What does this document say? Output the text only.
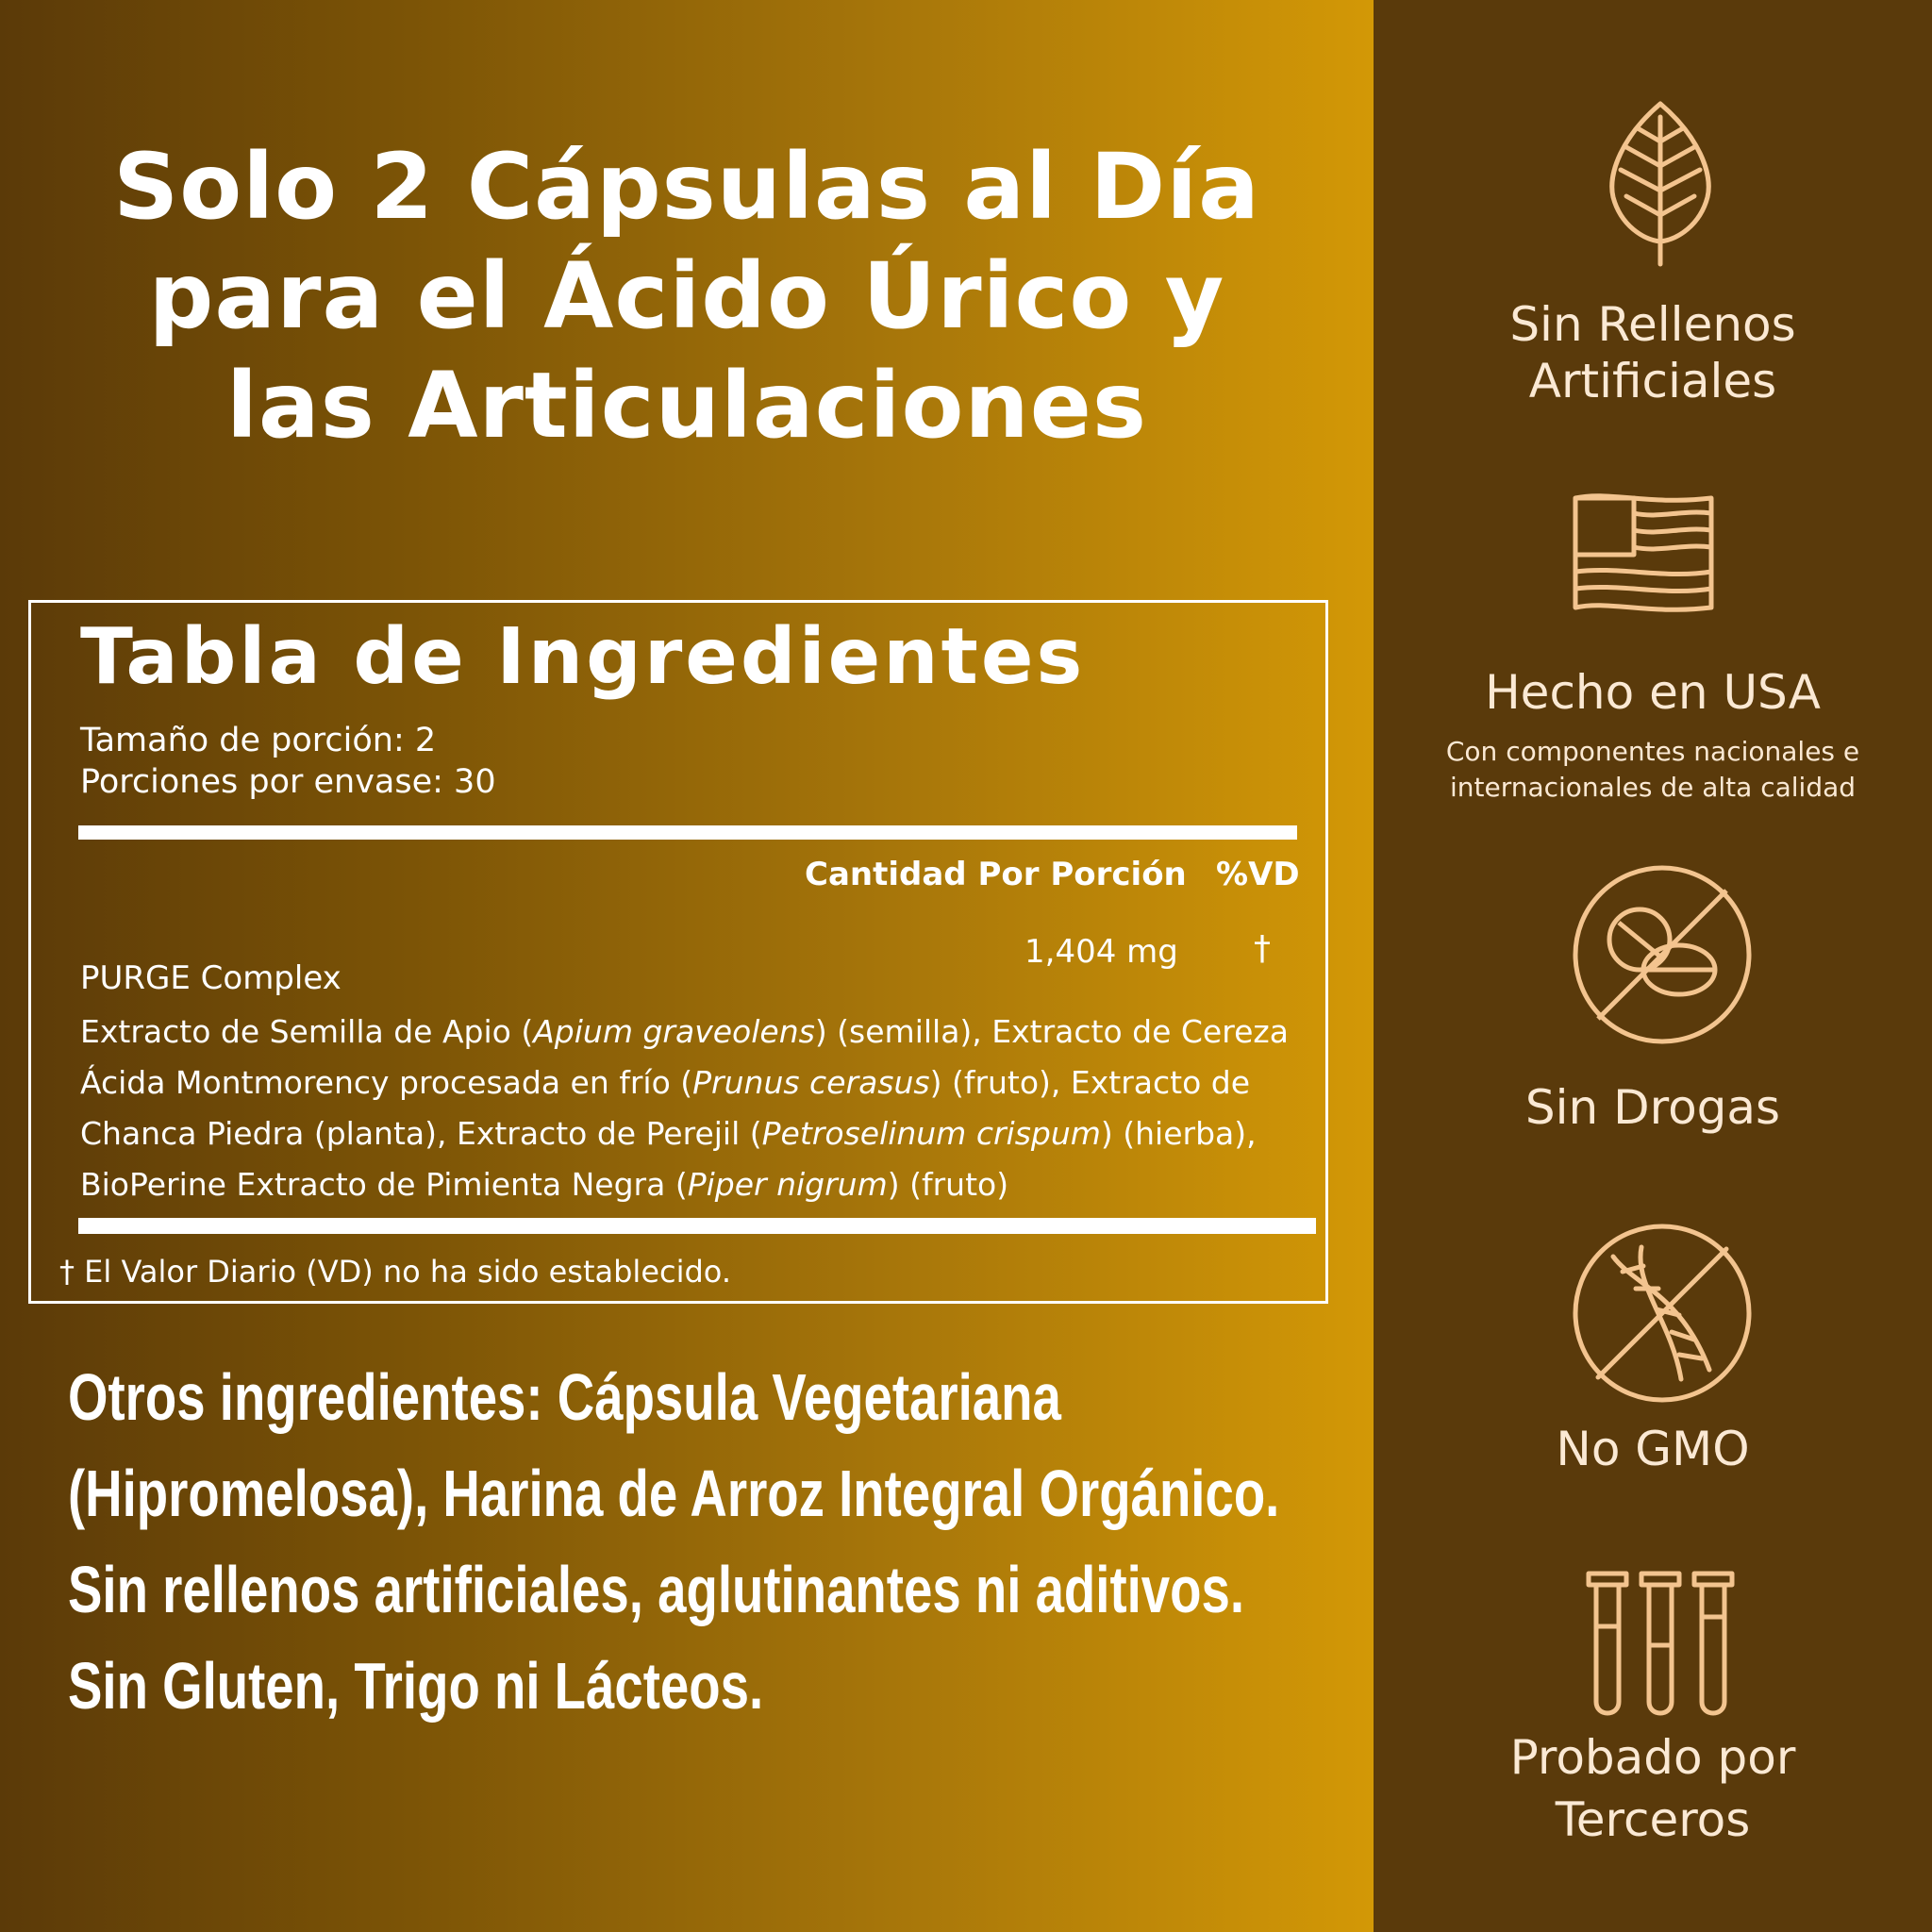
Solo 2 Cápsulas al Día
para el Ácido Úrico y
las Articulaciones
Tabla de Ingredientes
Tamaño de porción: 2
Porciones por envase: 30
Cantidad Por Porción %VD
1,404 mg †
PURGE Complex
Extracto de Semilla de Apio (Apium graveolens) (semilla), Extracto de Cereza Ácida Montmorency procesada en frío (Prunus cerasus) (fruto), Extracto de Chanca Piedra (planta), Extracto de Perejil (Petroselinum crispum) (hierba), BioPerine Extracto de Pimienta Negra (Piper nigrum) (fruto)
† El Valor Diario (VD) no ha sido establecido.
Otros ingredientes: Cápsula Vegetariana (Hipromelosa), Harina de Arroz Integral Orgánico. Sin rellenos artificiales, aglutinantes ni aditivos. Sin Gluten, Trigo ni Lácteos.
Sin Rellenos
Artificiales
Hecho en USA
Con componentes nacionales e
internacionales de alta calidad
Sin Drogas
No GMO
Probado por
Terceros
